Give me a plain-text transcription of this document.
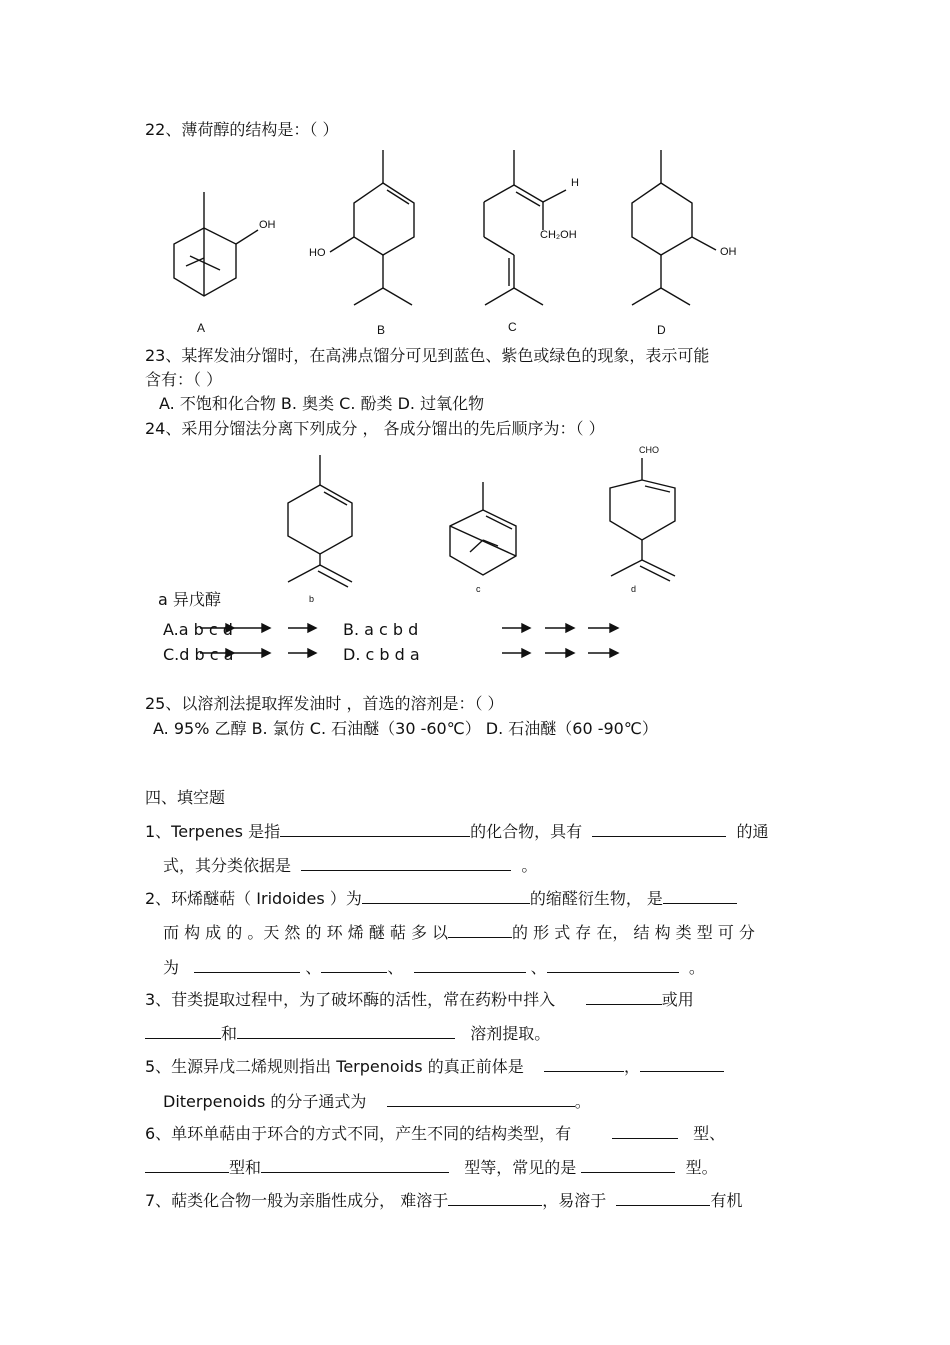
22、薄荷醇的结构是：（ ）
OH
HO
H
CH₂OH
OH
A	B	C	D
23、某挥发油分馏时，在高沸点馏分可见到蓝色、紫色或绿色的现象，表示可能
含有：（ ）
A. 不饱和化合物 B. 奥类 C. 酚类 D. 过氧化物
24、采用分馏法分离下列成分 ， 各成分馏出的先后顺序为：（ ）
CHO
a 异戊醇	b
c	d
A.a b c d	B. a c b d
C.d b c a	D. c b d a
25、以溶剂法提取挥发油时 ，首选的溶剂是：（ ）
A. 95% 乙醇 B. 氯仿 C. 石油醚（30 -60℃） D. 石油醚（60 -90℃）
四、填空题
1、Terpenes 是指	的化合物，具有	的通
式，其分类依据是	。
2、环烯醚萜（ Iridoides ）为	的缩醛衍生物， 是
而 构 成 的 。天 然 的 环 烯 醚 萜 多 以	的 形 式 存 在， 结 构 类 型 可 分
为	、	、	、	。
3、苷类提取过程中，为了破坏酶的活性，常在药粉中拌入	或用
和	溶剂提取。
5、生源异戊二烯规则指出 Terpenoids 的真正前体是	，
Diterpenoids 的分子通式为	。
6、单环单萜由于环合的方式不同，产生不同的结构类型，有	型、
型和	型等，常见的是	型。
7、萜类化合物一般为亲脂性成分， 难溶于	，易溶于	有机
